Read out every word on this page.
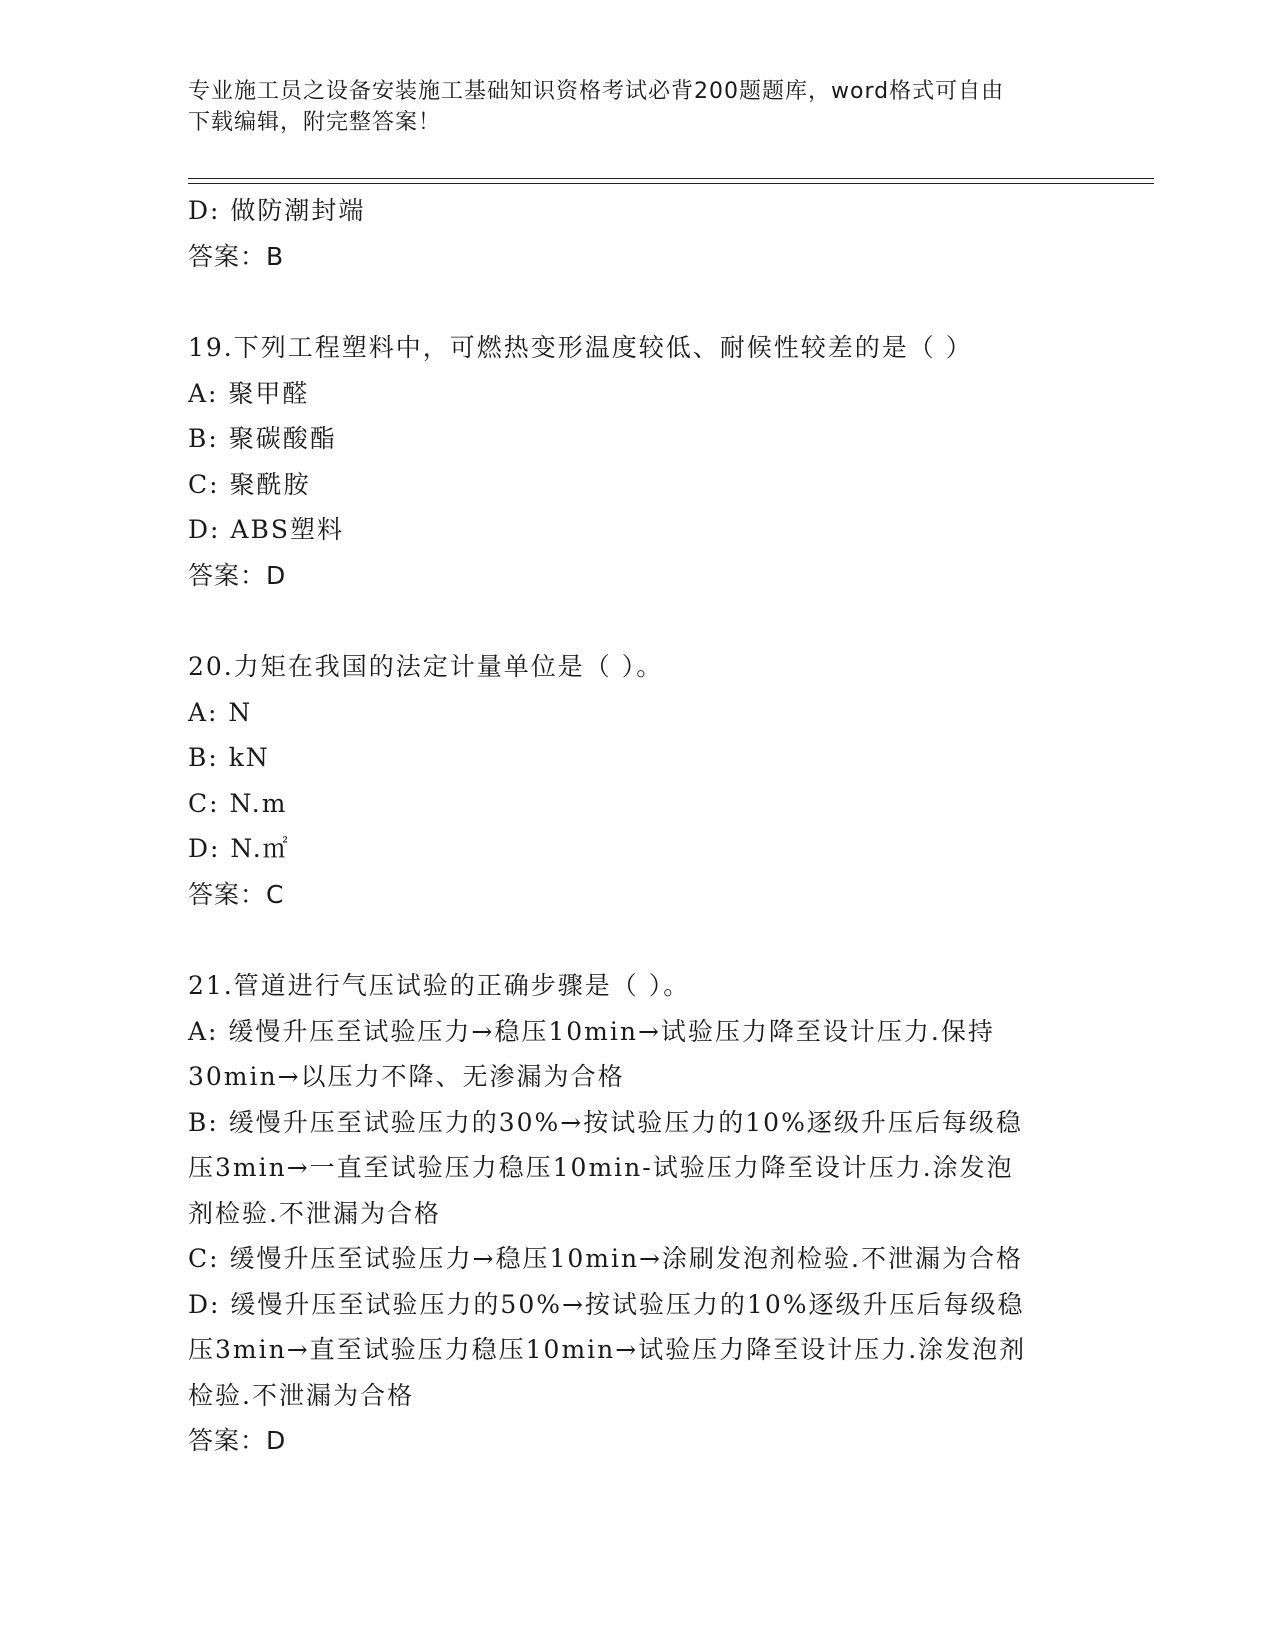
专业施工员之设备安装施工基础知识资格考试必背200题题库，word格式可自由
下载编辑，附完整答案！
D: 做防潮封端
答案：B
19.下列工程塑料中，可燃热变形温度较低、耐候性较差的是（ ）
A: 聚甲醛
B: 聚碳酸酯
C: 聚酰胺
D: ABS塑料
答案：D
20.力矩在我国的法定计量单位是（ ）。
A: N
B: kN
C: N.m
D: N.㎡
答案：C
21.管道进行气压试验的正确步骤是（ ）。
A: 缓慢升压至试验压力→稳压10min→试验压力降至设计压力.保持
30min→以压力不降、无渗漏为合格
B: 缓慢升压至试验压力的30%→按试验压力的10%逐级升压后每级稳
压3min→一直至试验压力稳压10min-试验压力降至设计压力.涂发泡
剂检验.不泄漏为合格
C: 缓慢升压至试验压力→稳压10min→涂刷发泡剂检验.不泄漏为合格
D: 缓慢升压至试验压力的50%→按试验压力的10%逐级升压后每级稳
压3min→直至试验压力稳压10min→试验压力降至设计压力.涂发泡剂
检验.不泄漏为合格
答案：D
